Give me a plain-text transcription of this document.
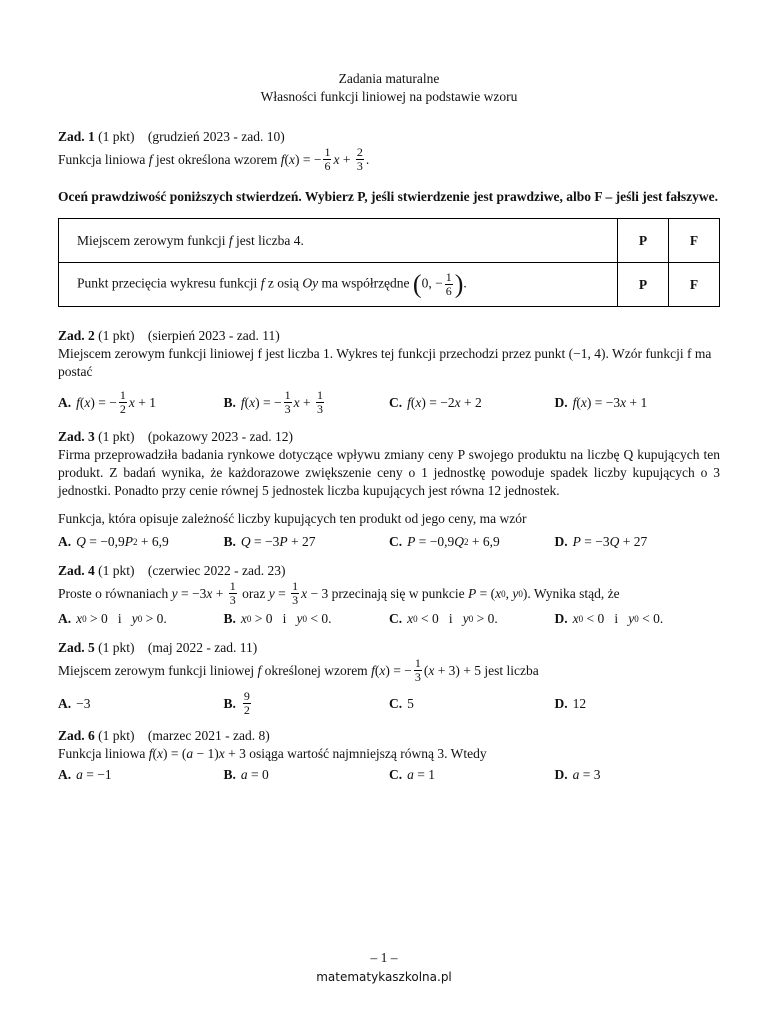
Zadania maturalne
Własności funkcji liniowej na podstawie wzoru
Zad. 1 (1 pkt) (grudzień 2023 - zad. 10)
Funkcja liniowa f jest określona wzorem f ( x ) = − $\frac{1}{6}$ $x + \frac{2}{3}$ .
Oceń prawdziwość poniższych stwierdzeń. Wybierz P, jeśli stwierdzenie jest prawdziwe, albo F – jeśli jest fałszywe.
Miejscem zerowym funkcji f jest liczba 4.	P	F
Punkt przecięcia wykresu funkcji f z osią Oy ma współrzędne (0, − $\frac{1}{6}$ ).	P	F
Zad. 2 (1 pkt) (sierpień 2023 - zad. 11)

Miejscem zerowym funkcji liniowej f jest liczba 1. Wykres tej funkcji przechodzi przez punkt (−1, 4). Wzór funkcji f ma postać

A. f ( x ) = − $\frac{1}{2}$ x + 1	B. f ( x ) = − $\frac{1}{3}$ $x + \frac{1}{3}$	C. f ( x ) = −2 x + 2	D. f ( x ) = −3 x + 1
Zad. 3 (1 pkt) (pokazowy 2023 - zad. 12)

Firma przeprowadziła badania rynkowe dotyczące wpływu zmiany ceny P swojego produktu na liczbę Q kupujących ten produkt. Z badań wynika, że każdorazowe zwiększenie ceny o 1 jednostkę powoduje spadek liczby kupujących o 3 jednostki. Ponadto przy cenie równej 5 jednostek liczba kupujących jest równa 12 jednostek.

Funkcja, która opisuje zależność liczby kupujących ten produkt od jego ceny, ma wzór

A. Q = −0,9 P 2 + 6,9	B. Q = −3 P + 27	C. P = −0,9 Q 2 + 6,9	D. P = −3 Q + 27
Zad. 4 (1 pkt) (czerwiec 2022 - zad. 23)
Proste o równaniach y = −3 $x + \frac{1}{3}$ oraz $y = \frac{1}{3}$ x − 3 przecinają się w punkcie P = ( x 0 , y 0 ). Wynika stąd, że
A. x 0 > 0   i y 0 > 0.	B. x 0 > 0   i y 0 < 0.	C. x 0 < 0   i y 0 > 0.	D. x 0 < 0   i y 0 < 0.
Zad. 5 (1 pkt) (maj 2022 - zad. 11)
Miejscem zerowym funkcji liniowej f określonej wzorem f ( x ) = − $\frac{1}{3}$ ( x + 3) + 5 jest liczba
A. −3	B. $\frac{9}{2}$	C. 5	D. 12
Zad. 6 (1 pkt) (marzec 2021 - zad. 8)

Funkcja liniowa f(x) = (a − 1)x + 3 osiąga wartość najmniejszą równą 3. Wtedy

A. a = −1	B. a = 0	C. a = 1	D. a = 3
– 1 –
matematykaszkolna.pl
